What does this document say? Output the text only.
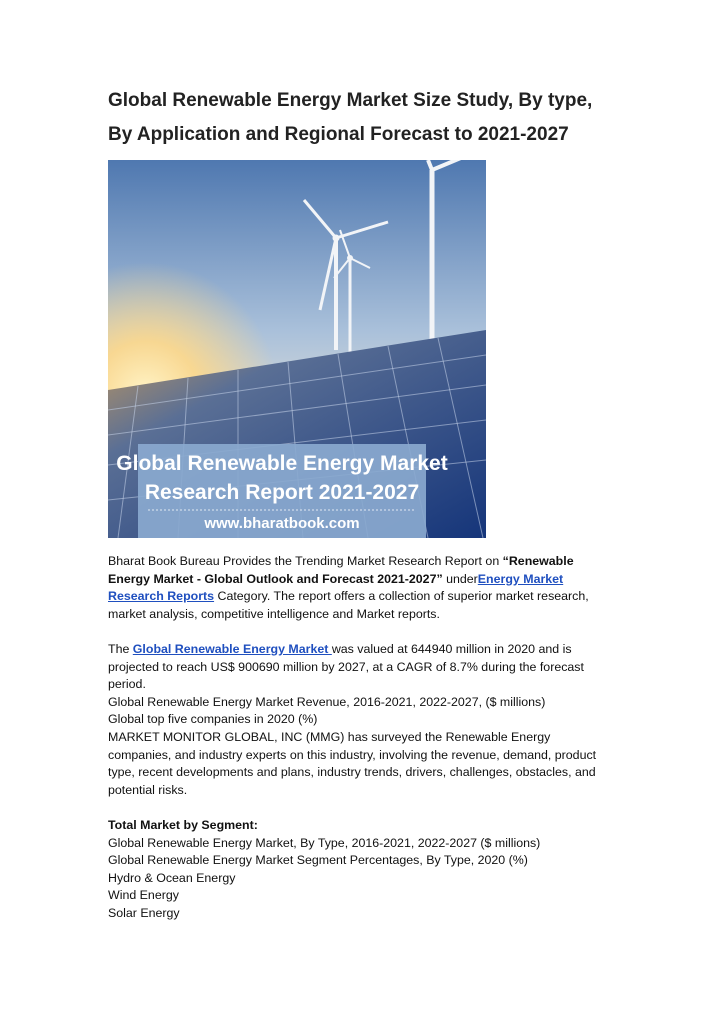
Global Renewable Energy Market Size Study, By type,
By Application and Regional Forecast to 2021-2027
Global Renewable Energy Market
Research Report 2021-2027
www.bharatbook.com

Bharat Book Bureau Provides the Trending Market Research Report on “Renewable Energy Market - Global Outlook and Forecast 2021-2027” underEnergy Market Research Reports Category. The report offers a collection of superior market research, market analysis, competitive intelligence and Market reports.

The Global Renewable Energy Market was valued at 644940 million in 2020 and is projected to reach US$ 900690 million by 2027, at a CAGR of 8.7% during the forecast period.

Global Renewable Energy Market Revenue, 2016-2021, 2022-2027, ($ millions)

Global top five companies in 2020 (%)

MARKET MONITOR GLOBAL, INC (MMG) has surveyed the Renewable Energy companies, and industry experts on this industry, involving the revenue, demand, product type, recent developments and plans, industry trends, drivers, challenges, obstacles, and potential risks.

Total Market by Segment:

Global Renewable Energy Market, By Type, 2016-2021, 2022-2027 ($ millions)

Global Renewable Energy Market Segment Percentages, By Type, 2020 (%)

Hydro & Ocean Energy

Wind Energy

Solar Energy
